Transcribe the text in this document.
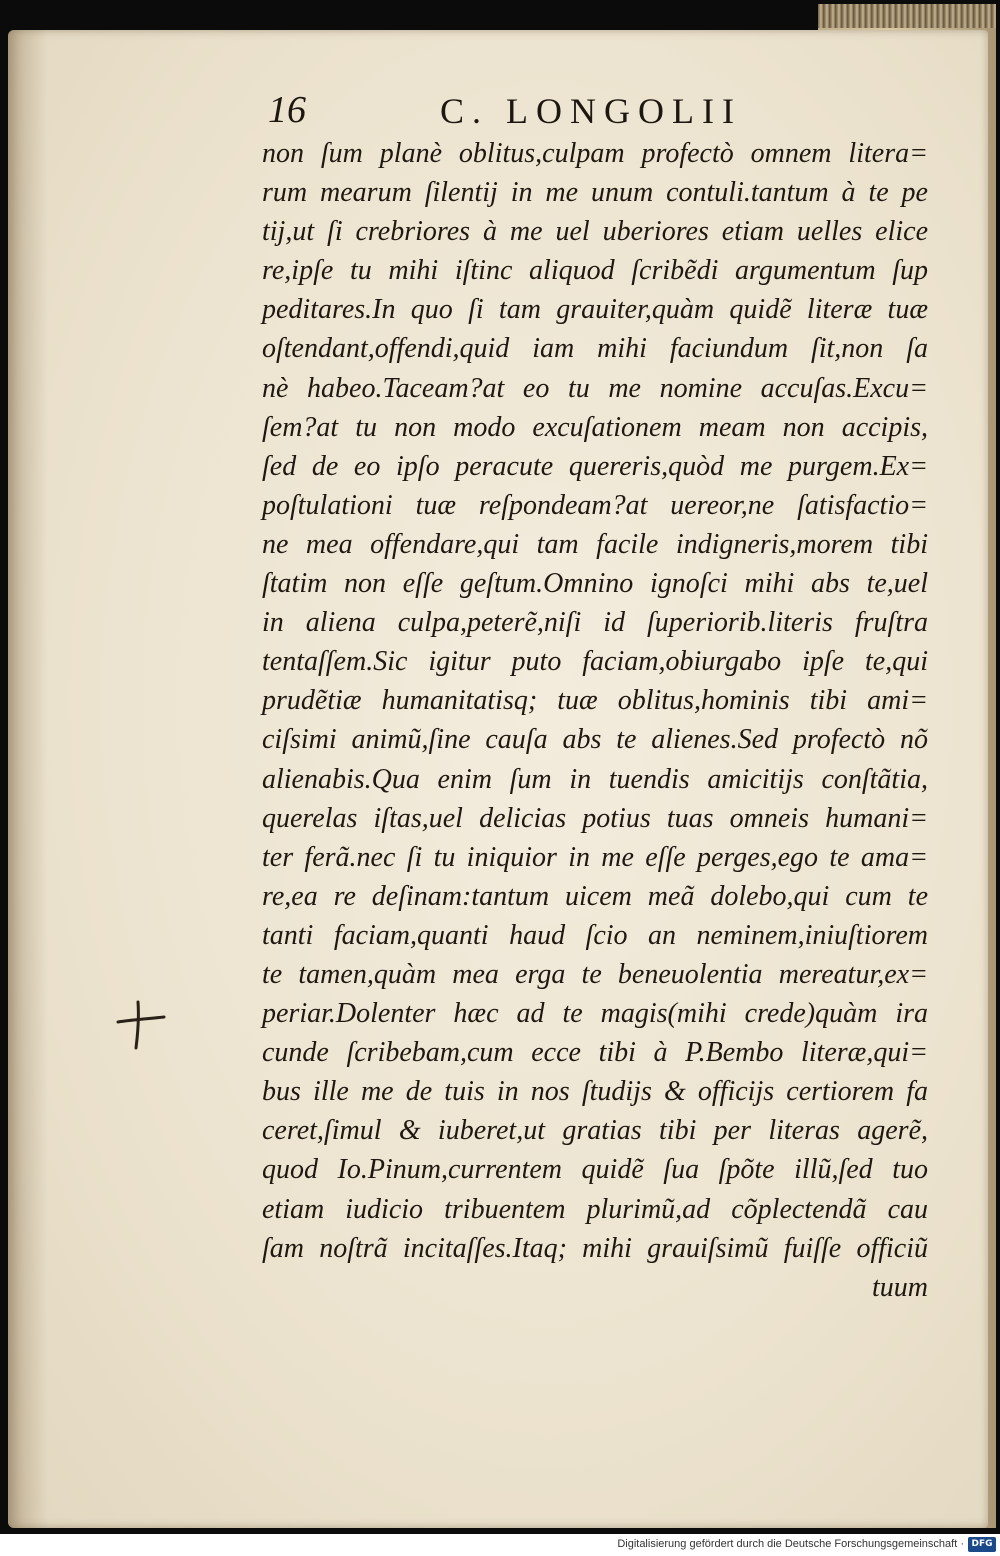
16	C. LONGOLII
non ſum planè oblitus,culpam profectò omnem litera=
rum mearum ſilentij in me unum contuli.tantum à te pe
tij,ut ſi crebriores à me uel uberiores etiam uelles elice
re,ipſe tu mihi iſtinc aliquod ſcribẽdi argumentum ſup
peditares.In quo ſi tam grauiter,quàm quidẽ literæ tuæ
oſtendant,offendi,quid iam mihi faciundum ſit,non ſa
nè habeo.Taceam?at eo tu me nomine accuſas.Excu=
ſem?at tu non modo excuſationem meam non accipis,
ſed de eo ipſo peracute quereris,quòd me purgem.Ex=
poſtulationi tuæ reſpondeam?at uereor,ne ſatisfactio=
ne mea offendare,qui tam facile indigneris,morem tibi
ſtatim non eſſe geſtum.Omnino ignoſci mihi abs te,uel
in aliena culpa,peterẽ,niſi id ſuperiorib.literis fruſtra
tentaſſem.Sic igitur puto faciam,obiurgabo ipſe te,qui
prudẽtiæ humanitatisq; tuæ oblitus,hominis tibi ami=
ciſsimi animũ,ſine cauſa abs te alienes.Sed profectò nõ
alienabis.Qua enim ſum in tuendis amicitijs conſtãtia,
querelas iſtas,uel delicias potius tuas omneis humani=
ter ferã.nec ſi tu iniquior in me eſſe perges,ego te ama=
re,ea re deſinam:tantum uicem meã dolebo,qui cum te
tanti faciam,quanti haud ſcio an neminem,iniuſtiorem
te tamen,quàm mea erga te beneuolentia mereatur,ex=
periar.Dolenter hæc ad te magis(mihi crede)quàm ira
cunde ſcribebam,cum ecce tibi à P.Bembo literæ,qui=
bus ille me de tuis in nos ſtudijs & officijs certiorem fa
ceret,ſimul & iuberet,ut gratias tibi per literas agerẽ,
quod Io.Pinum,currentem quidẽ ſua ſpõte illũ,ſed tuo
etiam iudicio tribuentem plurimũ,ad cõplectendã cau
ſam noſtrã incitaſſes.Itaq; mihi grauiſsimũ fuiſſe officiũ
tuum
Digitalisierung gefördert durch die Deutsche Forschungsgemeinschaft · DFG
